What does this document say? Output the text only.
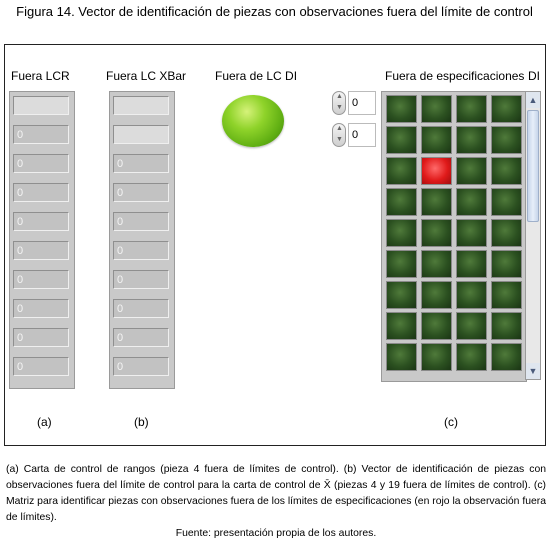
Figura 14. Vector de identificación de piezas con observaciones fuera del límite de control
Fuera LCR	Fuera LC XBar Fuera de LC DI	Fuera de especificaciones DI
0
0
0
0
0
0
0
0
0
0
0
0
0
0
0
0
0
▲ ▼
0
▲ ▼
0
▲
▼
(a)	(b)	(c)
(a) Carta de control de rangos (pieza 4 fuera de límites de control). (b) Vector de identificación de piezas con observaciones fuera del límite de control para la carta de control de X̄ (piezas 4 y 19 fuera de límites de control). (c) Matriz para identificar piezas con observaciones fuera de los límites de especificaciones (en rojo la observación fuera de límites).
Fuente: presentación propia de los autores.
